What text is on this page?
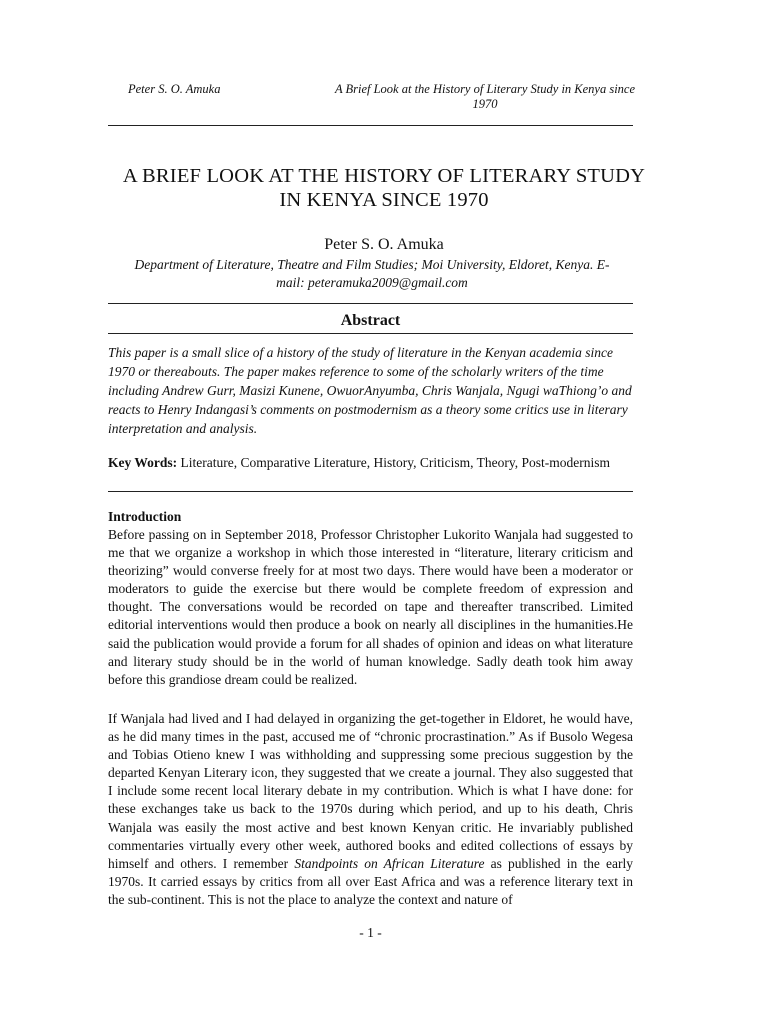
Peter S. O. Amuka	A Brief Look at the History of Literary Study in Kenya since
1970
A BRIEF LOOK AT THE HISTORY OF LITERARY STUDY
IN KENYA SINCE 1970
Peter S. O. Amuka
Department of Literature, Theatre and Film Studies; Moi University, Eldoret, Kenya. E-
mail: peteramuka2009@gmail.com
Abstract

This paper is a small slice of a history of the study of literature in the Kenyan academia since 1970 or thereabouts. The paper makes reference to some of the scholarly writers of the time including Andrew Gurr, Masizi Kunene, OwuorAnyumba, Chris Wanjala, Ngugi waThiong’o and reacts to Henry Indangasi’s comments on postmodernism as a theory some critics use in literary interpretation and analysis.

Key Words: Literature, Comparative Literature, History, Criticism, Theory, Post-modernism

Introduction

Before passing on in September 2018, Professor Christopher Lukorito Wanjala had suggested to me that we organize a workshop in which those interested in “literature, literary criticism and theorizing” would converse freely for at most two days. There would have been a moderator or moderators to guide the exercise but there would be complete freedom of expression and thought. The conversations would be recorded on tape and thereafter transcribed. Limited editorial interventions would then produce a book on nearly all disciplines in the humanities.He said the publication would provide a forum for all shades of opinion and ideas on what literature and literary study should be in the world of human knowledge. Sadly death took him away before this grandiose dream could be realized.

If Wanjala had lived and I had delayed in organizing the get-together in Eldoret, he would have, as he did many times in the past, accused me of “chronic procrastination.” As if Busolo Wegesa and Tobias Otieno knew I was withholding and suppressing some precious suggestion by the departed Kenyan Literary icon, they suggested that we create a journal. They also suggested that I include some recent local literary debate in my contribution. Which is what I have done: for these exchanges take us back to the 1970s during which period, and up to his death, Chris Wanjala was easily the most active and best known Kenyan critic. He invariably published commentaries virtually every other week, authored books and edited collections of essays by himself and others. I remember Standpoints on African Literature as published in the early 1970s. It carried essays by critics from all over East Africa and was a reference literary text in the sub-continent. This is not the place to analyze the context and nature of

- 1 -
